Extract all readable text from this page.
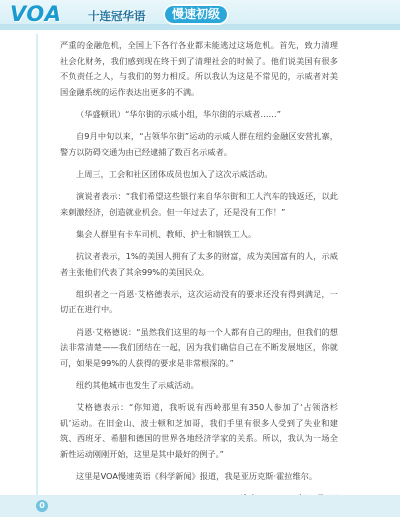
VOA 十连冠华语	慢速初级

严重的金融危机，全国上下各行各业都未能逃过这场危机。首先，致力清理社会化财务，我们感到现在终于到了清理社会的时候了。他们说美国有很多不负责任之人，与我们的努力相反。所以我认为这是不常见的，示威者对美国金融系统的运作表达出更多的不满。

（华盛顿讯）“华尔街的示威小组，华尔街的示威者……”

自9月中旬以来，“占领华尔街”运动的示威人群在纽约金融区安营扎寨，警方以防碍交通为由已经逮捕了数百名示威者。

上周三，工会和社区团体成员也加入了这次示威活动。

演说者表示：“我们希望这些银行来自华尔街和工人汽车的钱返还，以此来刺激经济，创造就业机会。但一年过去了，还是没有工作！”

集会人群里有卡车司机、教师、护士和钢铁工人。

抗议者表示，1%的美国人拥有了太多的财富，成为美国富有的人，示威者主张他们代表了其余99%的美国民众。

组织者之一肖恩·艾格德表示，这次运动没有的要求还没有得到满足，一切正在进行中。

肖恩·艾格德说：“虽然我们这里的每一个人都有自己的理由，但我们的想法非常清楚——我们团结在一起，因为我们确信自己在不断发展地区，你就可，如果是99%的人获得的要求是非常根深的。”

纽约其他城市也发生了示威活动。

艾格德表示：“你知道，我听说有西岭那里有350人参加了‘占领洛杉矶’运动。在旧金山、波士顿和芝加哥，我们手里有很多人受到了失业和建筑、西班牙、希腊和德国的世界各地经济学家的关系。所以，我认为一场全新性运动刚刚开始，这里是其中最好的例子。”

这里是VOA慢速英语《科学新闻》报道，我是亚历克斯·霍拉维尔。

0
